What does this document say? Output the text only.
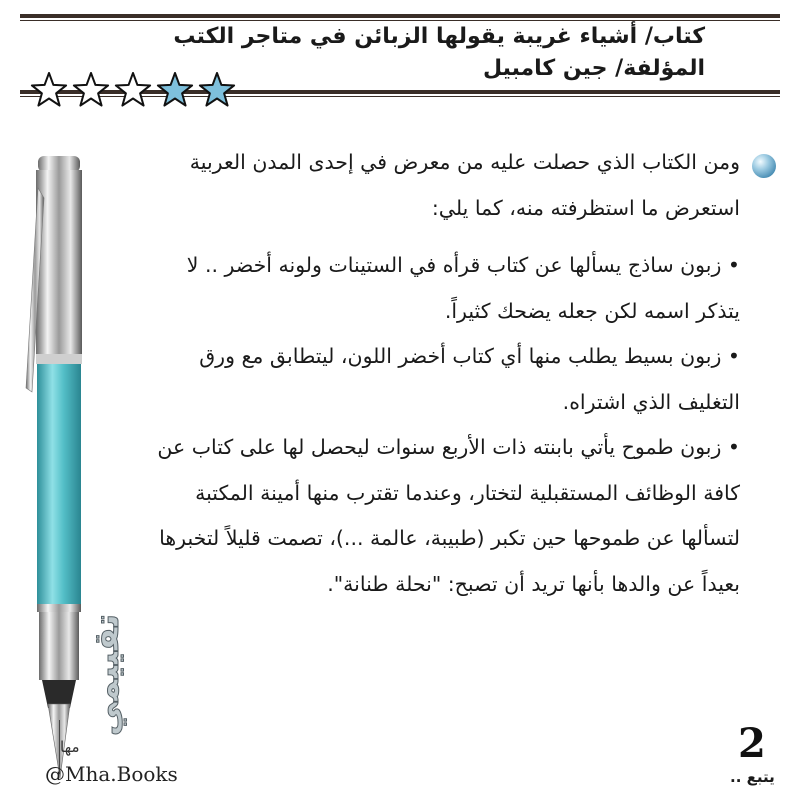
كتاب/ أشياء غريبة يقولها الزبائن في متاجر الكتب
المؤلفة/ جين كامبيل

ومن الكتاب الذي حصلت عليه من معرض في إحدى المدن العربية استعرض ما استظرفته منه، كما يلي:

• زبون ساذج يسألها عن كتاب قرأه في الستينات ولونه أخضر .. لا يتذكر اسمه لكن جعله يضحك كثيراً.

• زبون بسيط يطلب منها أي كتاب أخضر اللون، ليتطابق مع ورق التغليف الذي اشتراه.

• زبون طموح يأتي بابنته ذات الأربع سنوات ليحصل لها على كتاب عن كافة الوظائف المستقبلية لتختار، وعندما تقترب منها أمينة المكتبة لتسألها عن طموحها حين تكبر (طبيبة، عالمة ...)، تصمت قليلاً لتخبرها بعيداً عن والدها بأنها تريد أن تصبح: "نحلة طنانة".

تقييمي
مها
@Mha.Books
2
يتبع ..
